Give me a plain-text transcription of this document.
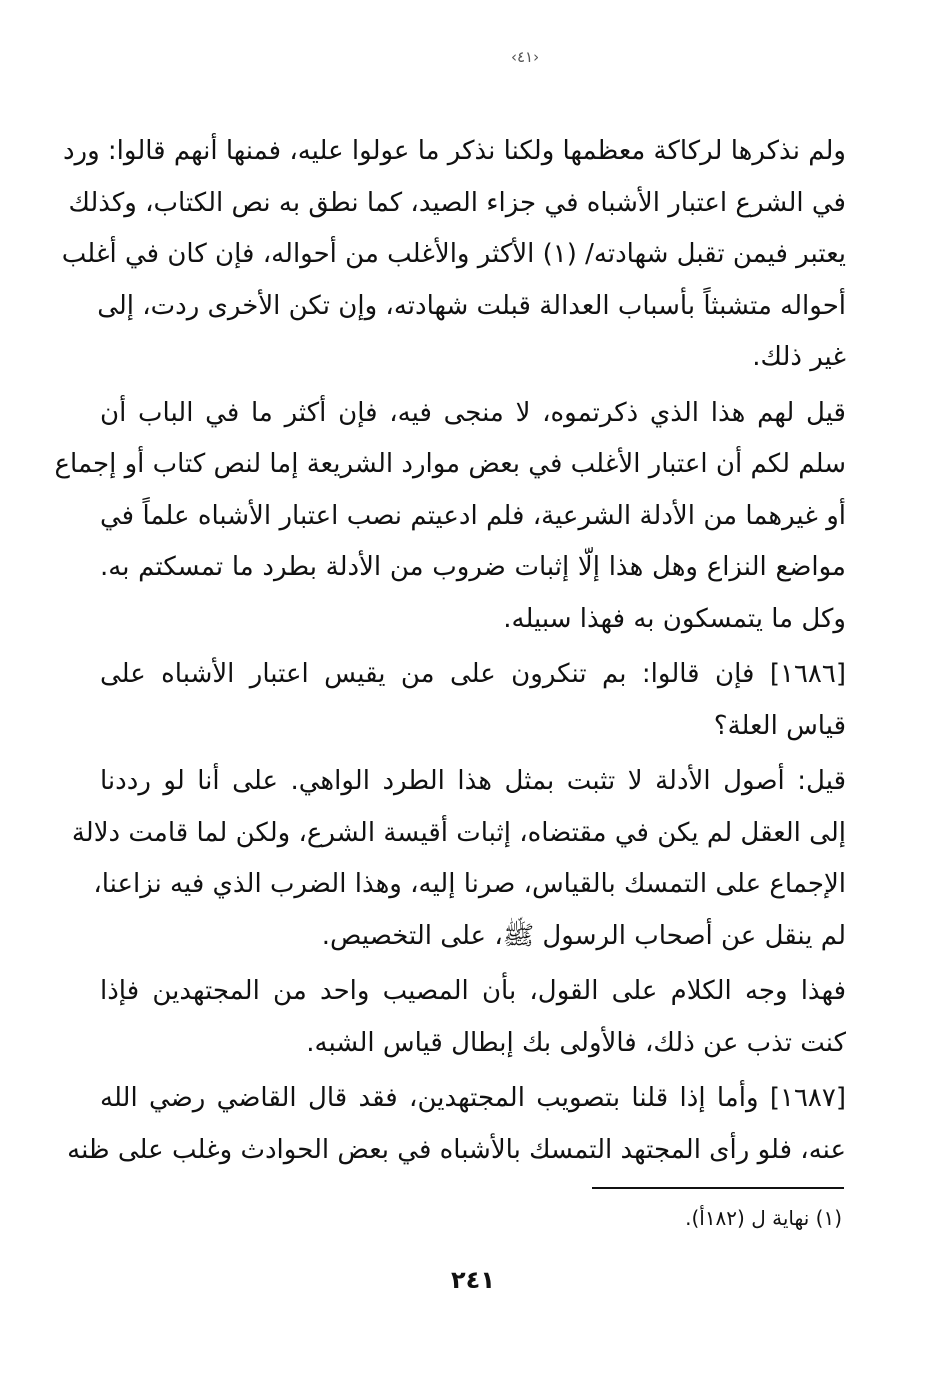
‹٤١›

ولم نذكرها لركاكة معظمها ولكنا نذكر ما عولوا عليه، فمنها أنهم قالوا: ورد
في الشرع اعتبار الأشباه في جزاء الصيد، كما نطق به نص الكتاب، وكذلك
يعتبر فيمن تقبل شهادته/ (١) الأكثر والأغلب من أحواله، فإن كان في أغلب
أحواله متشبثاً بأسباب العدالة قبلت شهادته، وإن تكن الأخرى ردت، إلى
غير ذلك.

قيل لهم هذا الذي ذكرتموه، لا منجى فيه، فإن أكثر ما في الباب أن
سلم لكم أن اعتبار الأغلب في بعض موارد الشريعة إما لنص كتاب أو إجماع
أو غيرهما من الأدلة الشرعية، فلم ادعيتم نصب اعتبار الأشباه علماً في
مواضع النزاع وهل هذا إلّا إثبات ضروب من الأدلة بطرد ما تمسكتم به.
وكل ما يتمسكون به فهذا سبيله.

[١٦٨٦] فإن قالوا: بم تنكرون على من يقيس اعتبار الأشباه على
قياس العلة؟

قيل: أصول الأدلة لا تثبت بمثل هذا الطرد الواهي. على أنا لو رددنا
إلى العقل لم يكن في مقتضاه، إثبات أقيسة الشرع، ولكن لما قامت دلالة
الإجماع على التمسك بالقياس، صرنا إليه، وهذا الضرب الذي فيه نزاعنا،
لم ينقل عن أصحاب الرسول ﷺ، على التخصيص.

فهذا وجه الكلام على القول، بأن المصيب واحد من المجتهدين فإذا
كنت تذب عن ذلك، فالأولى بك إبطال قياس الشبه.

[١٦٨٧] وأما إذا قلنا بتصويب المجتهدين، فقد قال القاضي رضي الله
عنه، فلو رأى المجتهد التمسك بالأشباه في بعض الحوادث وغلب على ظنه

(١) نهاية ل (١٨٢أ).
٢٤١
